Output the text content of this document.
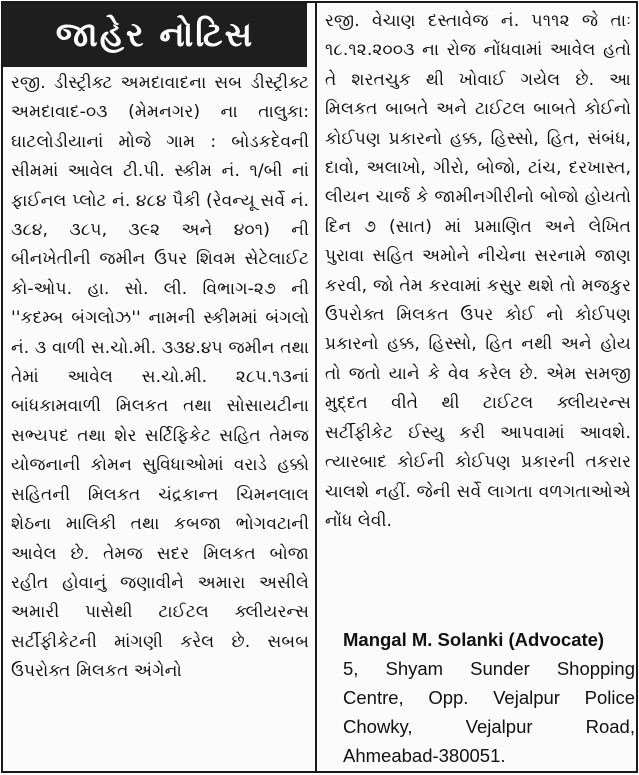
જાહેર નોટિસ

રજી. ડીસ્ટ્રીક્ટ અમદાવાદના સબ ડીસ્ટ્રીક્ટ અમદાવાદ-૦૩ (મેમનગર) ના તાલુકા: ઘાટલોડીયાનાં મોજે ગામ : બોડકદેવની સીમમાં આવેલ ટી.પી. સ્કીમ નં. ૧/બી નાં ફાઈનલ પ્લોટ નં. ૪૮૪ પૈકી (રેવન્યૂ સર્વે નં. ૩૮૪, ૩૮૫, ૩૯૨ અને ૪૦૧) ની બીનખેતીની જમીન ઉપર શિવમ સેટેલાઈટ કો-ઓપ. હા. સો. લી. વિભાગ-૨૭ ની ''કદમ્બ બંગલોઝ'' નામની સ્કીમમાં બંગલો નં. ૩ વાળી સ.ચો.મી. ૩૩૪.૪૫ જમીન તથા તેમાં આવેલ સ.ચો.મી. ૨૮૫.૧૩નાં બાંધકામવાળી મિલકત તથા સોસાયટીના સભ્યપદ તથા શેર સર્ટિફિકેટ સહિત તેમજ યોજનાની કોમન સુવિધાઓમાં વરાડે હક્કો સહિતની મિલકત ચંદ્રકાન્ત ચિમનલાલ શેઠના માલિકી તથા કબજા ભોગવટાની આવેલ છે. તેમજ સદર મિલકત બોજા રહીત હોવાનું જણાવીને અમારા અસીલે અમારી પાસેથી ટાઈટલ ક્લીયરન્સ સર્ટીફીકેટની માંગણી કરેલ છે. સબબ ઉપરોક્ત મિલકત અંગેનો

રજી. વેચાણ દસ્તાવેજ નં. ૫૧૧૨ જે તાઃ ૧૮.૧૨.૨૦૦૩ ના રોજ નોંધવામાં આવેલ હતો તે શરતચુક થી ખોવાઈ ગયેલ છે. આ મિલકત બાબતે અને ટાઈટલ બાબતે કોઈનો કોઈપણ પ્રકારનો હક્ક, હિસ્સો, હિત, સંબંધ, દાવો, અલાખો, ગીરો, બોજો, ટાંચ, દરખાસ્ત, લીયન ચાર્જ કે જામીનગીરીનો બોજો હોયતો દિન ૭ (સાત) માં પ્રમાણિત અને લેખિત પુરાવા સહિત અમોને નીચેના સરનામે જાણ કરવી, જો તેમ કરવામાં કસુર થશે તો મજકુર ઉપરોક્ત મિલકત ઉપર કોઈ નો કોઈપણ પ્રકારનો હક્ક, હિસ્સો, હિત નથી અને હોય તો જતો યાને કે વેવ કરેલ છે. એમ સમજી મુદ્દત વીતે થી ટાઈટલ ક્લીયરન્સ સર્ટીફીકેટ ઈસ્યુ કરી આપવામાં આવશે. ત્યારબાદ કોઈની કોઈપણ પ્રકારની તકરાર ચાલશે નહીં. જેની સર્વે લાગતા વળગતાઓએ નોંધ લેવી.

Mangal M. Solanki (Advocate)
5, Shyam Sunder Shopping Centre, Opp. Vejalpur Police Chowky, Vejalpur Road, Ahmeabad-380051.
